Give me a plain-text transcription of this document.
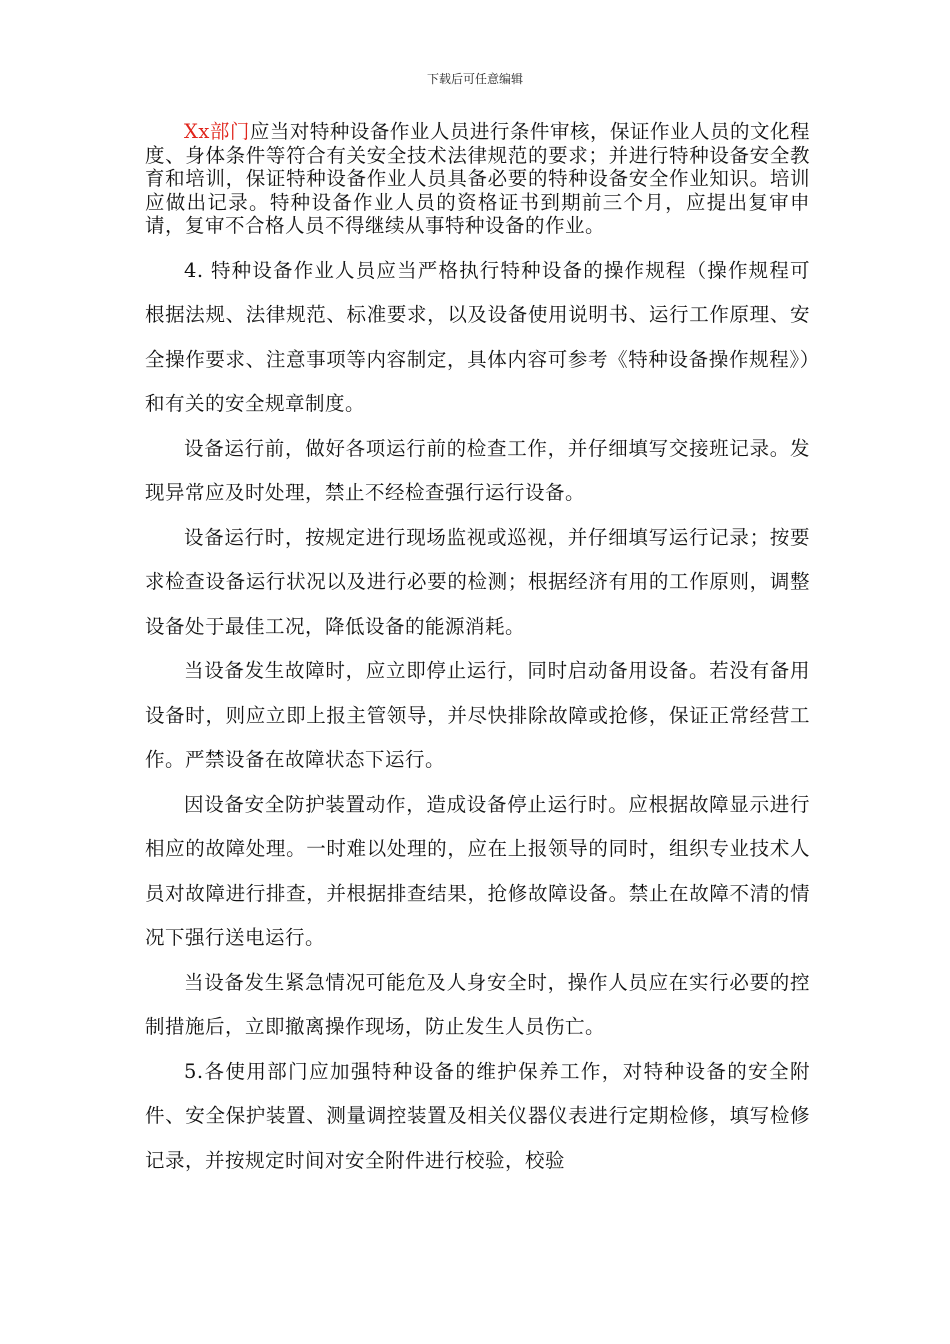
下载后可任意编辑

Xx部门应当对特种设备作业人员进行条件审核，保证作业人员的文化程度、身体条件等符合有关安全技术法律规范的要求；并进行特种设备安全教育和培训，保证特种设备作业人员具备必要的特种设备安全作业知识。培训应做出记录。特种设备作业人员的资格证书到期前三个月，应提出复审申请，复审不合格人员不得继续从事特种设备的作业。

4. 特种设备作业人员应当严格执行特种设备的操作规程（操作规程可根据法规、法律规范、标准要求，以及设备使用说明书、运行工作原理、安全操作要求、注意事项等内容制定，具体内容可参考《特种设备操作规程》）和有关的安全规章制度。

设备运行前，做好各项运行前的检查工作，并仔细填写交接班记录。发现异常应及时处理，禁止不经检查强行运行设备。

设备运行时，按规定进行现场监视或巡视，并仔细填写运行记录；按要求检查设备运行状况以及进行必要的检测；根据经济有用的工作原则，调整设备处于最佳工况，降低设备的能源消耗。

当设备发生故障时，应立即停止运行，同时启动备用设备。若没有备用设备时，则应立即上报主管领导，并尽快排除故障或抢修，保证正常经营工作。严禁设备在故障状态下运行。

因设备安全防护装置动作，造成设备停止运行时。应根据故障显示进行相应的故障处理。一时难以处理的，应在上报领导的同时，组织专业技术人员对故障进行排查，并根据排查结果，抢修故障设备。禁止在故障不清的情况下强行送电运行。

当设备发生紧急情况可能危及人身安全时，操作人员应在实行必要的控制措施后，立即撤离操作现场，防止发生人员伤亡。

5.各使用部门应加强特种设备的维护保养工作，对特种设备的安全附件、安全保护装置、测量调控装置及相关仪器仪表进行定期检修，填写检修记录，并按规定时间对安全附件进行校验，校验
